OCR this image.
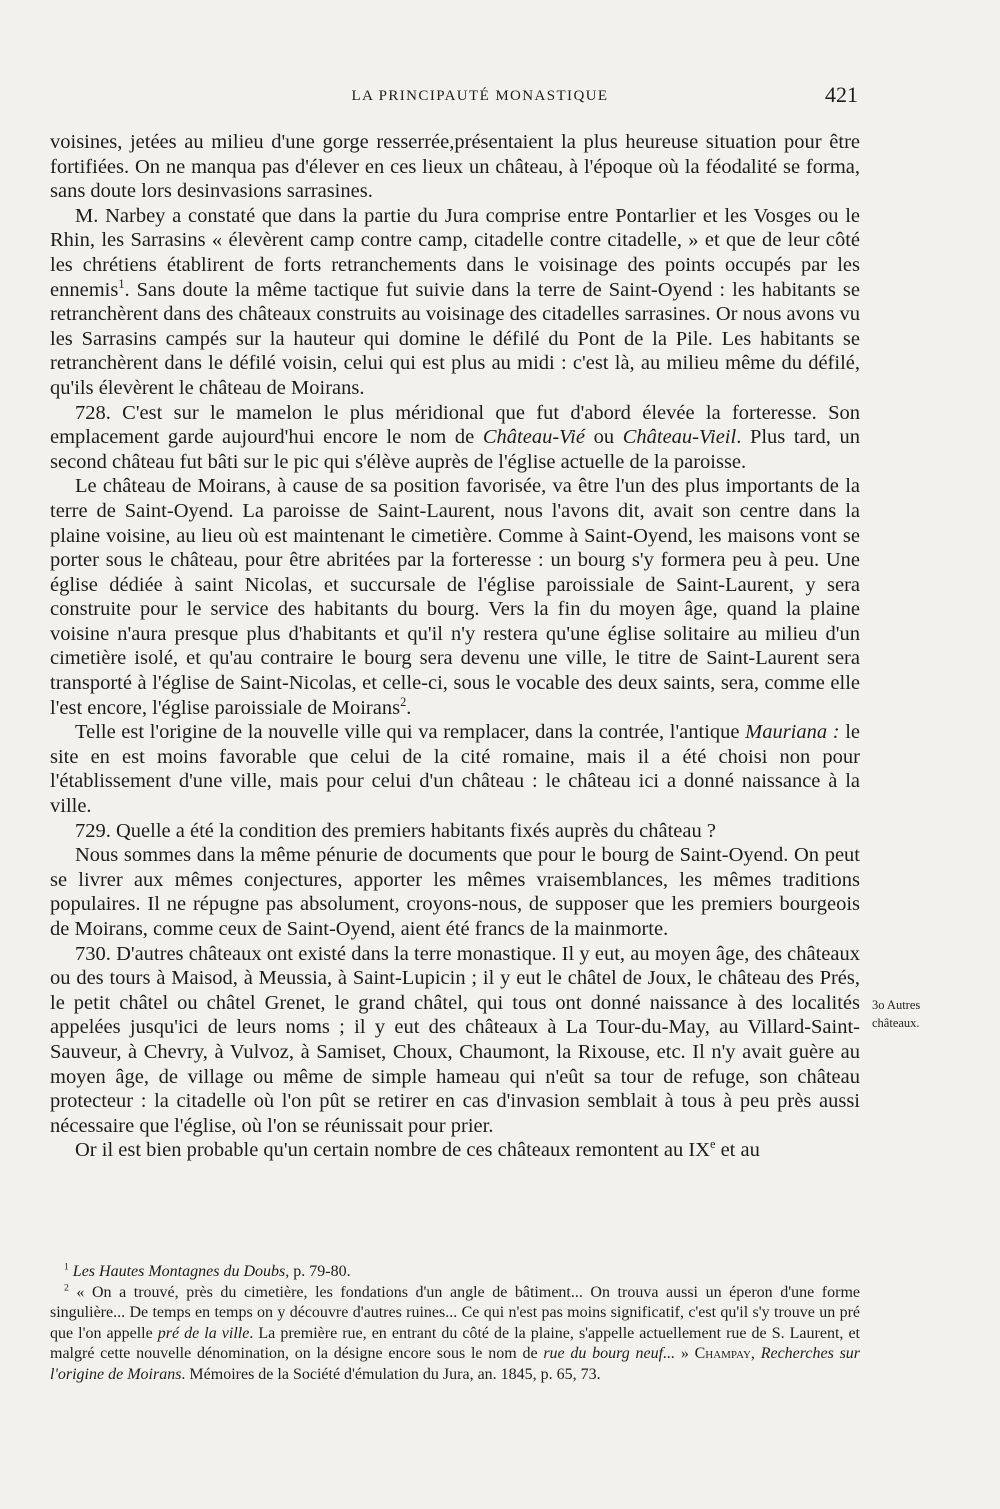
LA PRINCIPAUTÉ MONASTIQUE	421

voisines, jetées au milieu d'une gorge resserrée,présentaient la plus heureuse situation pour être fortifiées. On ne manqua pas d'élever en ces lieux un château, à l'époque où la féodalité se forma, sans doute lors desinvasions sarrasines.

M. Narbey a constaté que dans la partie du Jura comprise entre Pontarlier et les Vosges ou le Rhin, les Sarrasins « élevèrent camp contre camp, citadelle contre citadelle, » et que de leur côté les chrétiens établirent de forts retranchements dans le voisinage des points occupés par les ennemis$^1$. Sans doute la même tactique fut suivie dans la terre de Saint-Oyend : les habitants se retranchèrent dans des châteaux construits au voisinage des citadelles sarrasines. Or nous avons vu les Sarrasins campés sur la hauteur qui domine le défilé du Pont de la Pile. Les habitants se retranchèrent dans le défilé voisin, celui qui est plus au midi : c'est là, au milieu même du défilé, qu'ils élevèrent le château de Moirans.

728. C'est sur le mamelon le plus méridional que fut d'abord élevée la forteresse. Son emplacement garde aujourd'hui encore le nom de Château-Vié ou Château-Vieil. Plus tard, un second château fut bâti sur le pic qui s'élève auprès de l'église actuelle de la paroisse.

Le château de Moirans, à cause de sa position favorisée, va être l'un des plus importants de la terre de Saint-Oyend. La paroisse de Saint-Laurent, nous l'avons dit, avait son centre dans la plaine voisine, au lieu où est maintenant le cimetière. Comme à Saint-Oyend, les maisons vont se porter sous le château, pour être abritées par la forteresse : un bourg s'y formera peu à peu. Une église dédiée à saint Nicolas, et succursale de l'église paroissiale de Saint-Laurent, y sera construite pour le service des habitants du bourg. Vers la fin du moyen âge, quand la plaine voisine n'aura presque plus d'habitants et qu'il n'y restera qu'une église solitaire au milieu d'un cimetière isolé, et qu'au contraire le bourg sera devenu une ville, le titre de Saint-Laurent sera transporté à l'église de Saint-Nicolas, et celle-ci, sous le vocable des deux saints, sera, comme elle l'est encore, l'église paroissiale de Moirans$^2$.

Telle est l'origine de la nouvelle ville qui va remplacer, dans la contrée, l'antique Mauriana : le site en est moins favorable que celui de la cité romaine, mais il a été choisi non pour l'établissement d'une ville, mais pour celui d'un château : le château ici a donné naissance à la ville.

729. Quelle a été la condition des premiers habitants fixés auprès du château ?

Nous sommes dans la même pénurie de documents que pour le bourg de Saint-Oyend. On peut se livrer aux mêmes conjectures, apporter les mêmes vraisemblances, les mêmes traditions populaires. Il ne répugne pas absolument, croyons-nous, de supposer que les premiers bourgeois de Moirans, comme ceux de Saint-Oyend, aient été francs de la mainmorte.

730. D'autres châteaux ont existé dans la terre monastique. Il y eut, au moyen âge, des châteaux ou des tours à Maisod, à Meussia, à Saint-Lupicin ; il y eut le châtel de Joux, le château des Prés, le petit châtel ou châtel Grenet, le grand châtel, qui tous ont donné naissance à des localités appelées jusqu'ici de leurs noms ; il y eut des châteaux à La Tour-du-May, au Villard-Saint-Sauveur, à Chevry, à Vulvoz, à Samiset, Choux, Chaumont, la Rixouse, etc. Il n'y avait guère au moyen âge, de village ou même de simple hameau qui n'eût sa tour de refuge, son château protecteur : la citadelle où l'on pût se retirer en cas d'invasion semblait à tous à peu près aussi nécessaire que l'église, où l'on se réunissait pour prier.

Or il est bien probable qu'un certain nombre de ces châteaux remontent au IXe et au

3o Autres
châteaux.

$^1$ Les Hautes Montagnes du Doubs, p. 79-80.

$^2$ « On a trouvé, près du cimetière, les fondations d'un angle de bâtiment... On trouva aussi un éperon d'une forme singulière... De temps en temps on y découvre d'autres ruines... Ce qui n'est pas moins significatif, c'est qu'il s'y trouve un pré que l'on appelle pré de la ville. La première rue, en entrant du côté de la plaine, s'appelle actuellement rue de S. Laurent, et malgré cette nouvelle dénomination, on la désigne encore sous le nom de rue du bourg neuf... » Champay, Recherches sur l'origine de Moirans. Mémoires de la Société d'émulation du Jura, an. 1845, p. 65, 73.
